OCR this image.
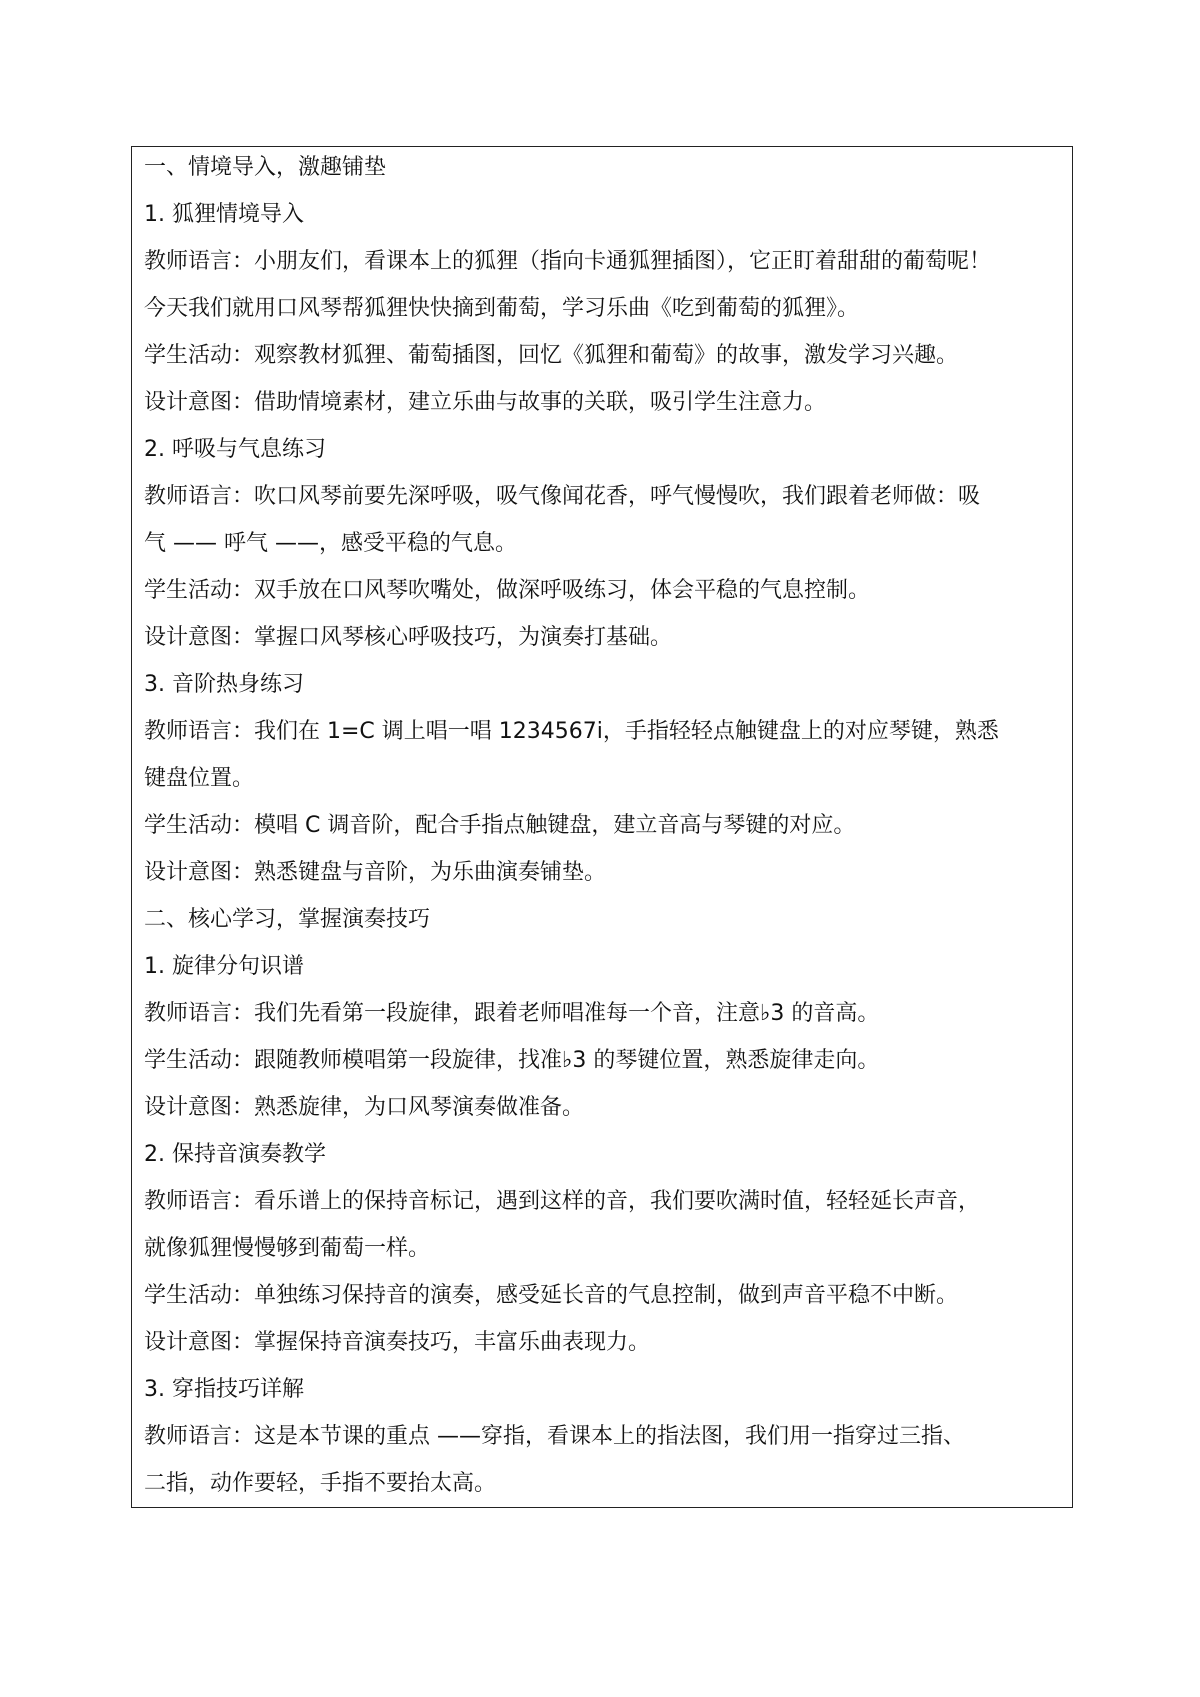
一、情境导入，激趣铺垫
1. 狐狸情境导入
教师语言：小朋友们，看课本上的狐狸（指向卡通狐狸插图），它正盯着甜甜的葡萄呢！
今天我们就用口风琴帮狐狸快快摘到葡萄，学习乐曲《吃到葡萄的狐狸》。
学生活动：观察教材狐狸、葡萄插图，回忆《狐狸和葡萄》的故事，激发学习兴趣。
设计意图：借助情境素材，建立乐曲与故事的关联，吸引学生注意力。
2. 呼吸与气息练习
教师语言：吹口风琴前要先深呼吸，吸气像闻花香，呼气慢慢吹，我们跟着老师做：吸
气 —— 呼气 ——，感受平稳的气息。
学生活动：双手放在口风琴吹嘴处，做深呼吸练习，体会平稳的气息控制。
设计意图：掌握口风琴核心呼吸技巧，为演奏打基础。
3. 音阶热身练习
教师语言：我们在 1=C 调上唱一唱 1234567i，手指轻轻点触键盘上的对应琴键，熟悉
键盘位置。
学生活动：模唱 C 调音阶，配合手指点触键盘，建立音高与琴键的对应。
设计意图：熟悉键盘与音阶，为乐曲演奏铺垫。
二、核心学习，掌握演奏技巧
1. 旋律分句识谱
教师语言：我们先看第一段旋律，跟着老师唱准每一个音，注意♭3 的音高。
学生活动：跟随教师模唱第一段旋律，找准♭3 的琴键位置，熟悉旋律走向。
设计意图：熟悉旋律，为口风琴演奏做准备。
2. 保持音演奏教学
教师语言：看乐谱上的保持音标记，遇到这样的音，我们要吹满时值，轻轻延长声音，
就像狐狸慢慢够到葡萄一样。
学生活动：单独练习保持音的演奏，感受延长音的气息控制，做到声音平稳不中断。
设计意图：掌握保持音演奏技巧，丰富乐曲表现力。
3. 穿指技巧详解
教师语言：这是本节课的重点 ——穿指，看课本上的指法图，我们用一指穿过三指、
二指，动作要轻，手指不要抬太高。
